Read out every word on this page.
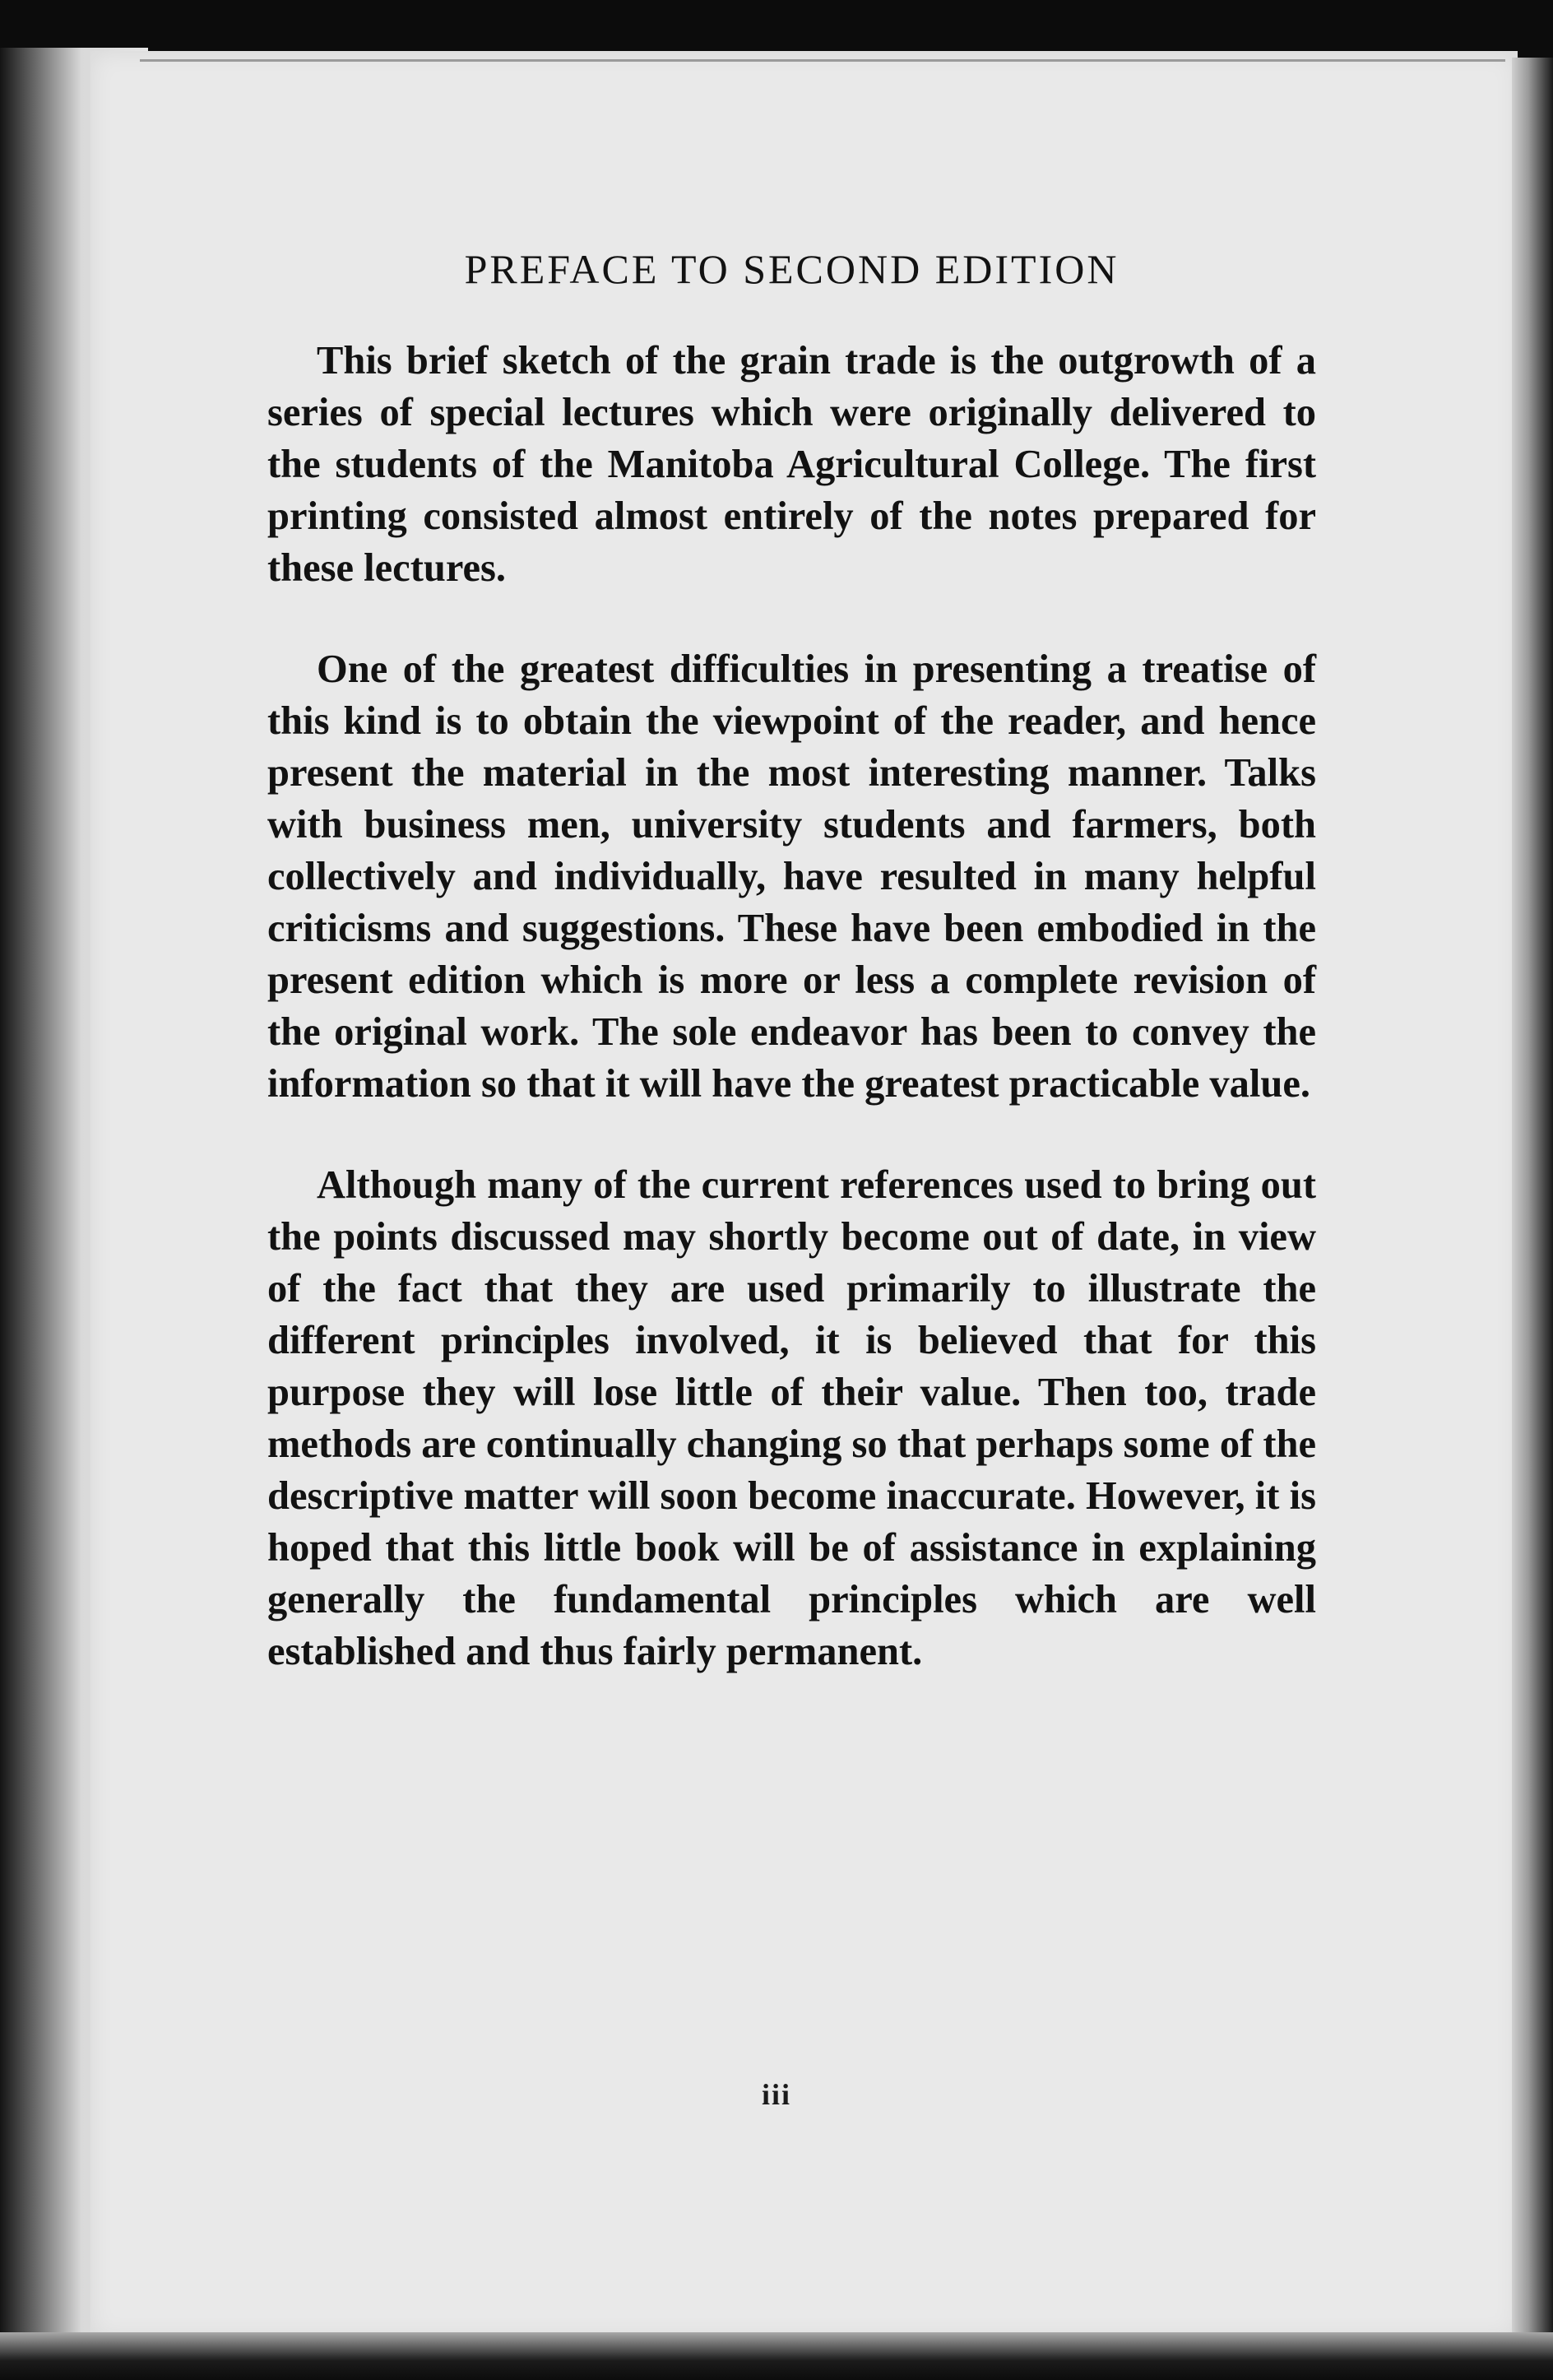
PREFACE TO SECOND EDITION

This brief sketch of the grain trade is the outgrowth of a series of special lectures which were originally delivered to the students of the Manitoba Agricultural College. The first printing consisted almost entirely of the notes prepared for these lectures.

One of the greatest difficulties in presenting a treatise of this kind is to obtain the viewpoint of the reader, and hence present the material in the most interesting manner. Talks with business men, university students and farmers, both collectively and individually, have resulted in many helpful criticisms and suggestions. These have been embodied in the present edition which is more or less a complete revision of the original work. The sole endeavor has been to convey the information so that it will have the greatest practicable value.

Although many of the current references used to bring out the points discussed may shortly become out of date, in view of the fact that they are used primarily to illustrate the different principles involved, it is believed that for this purpose they will lose little of their value. Then too, trade methods are continually changing so that perhaps some of the descriptive matter will soon become inaccurate. However, it is hoped that this little book will be of assistance in explaining generally the fundamental principles which are well established and thus fairly permanent.

iii
